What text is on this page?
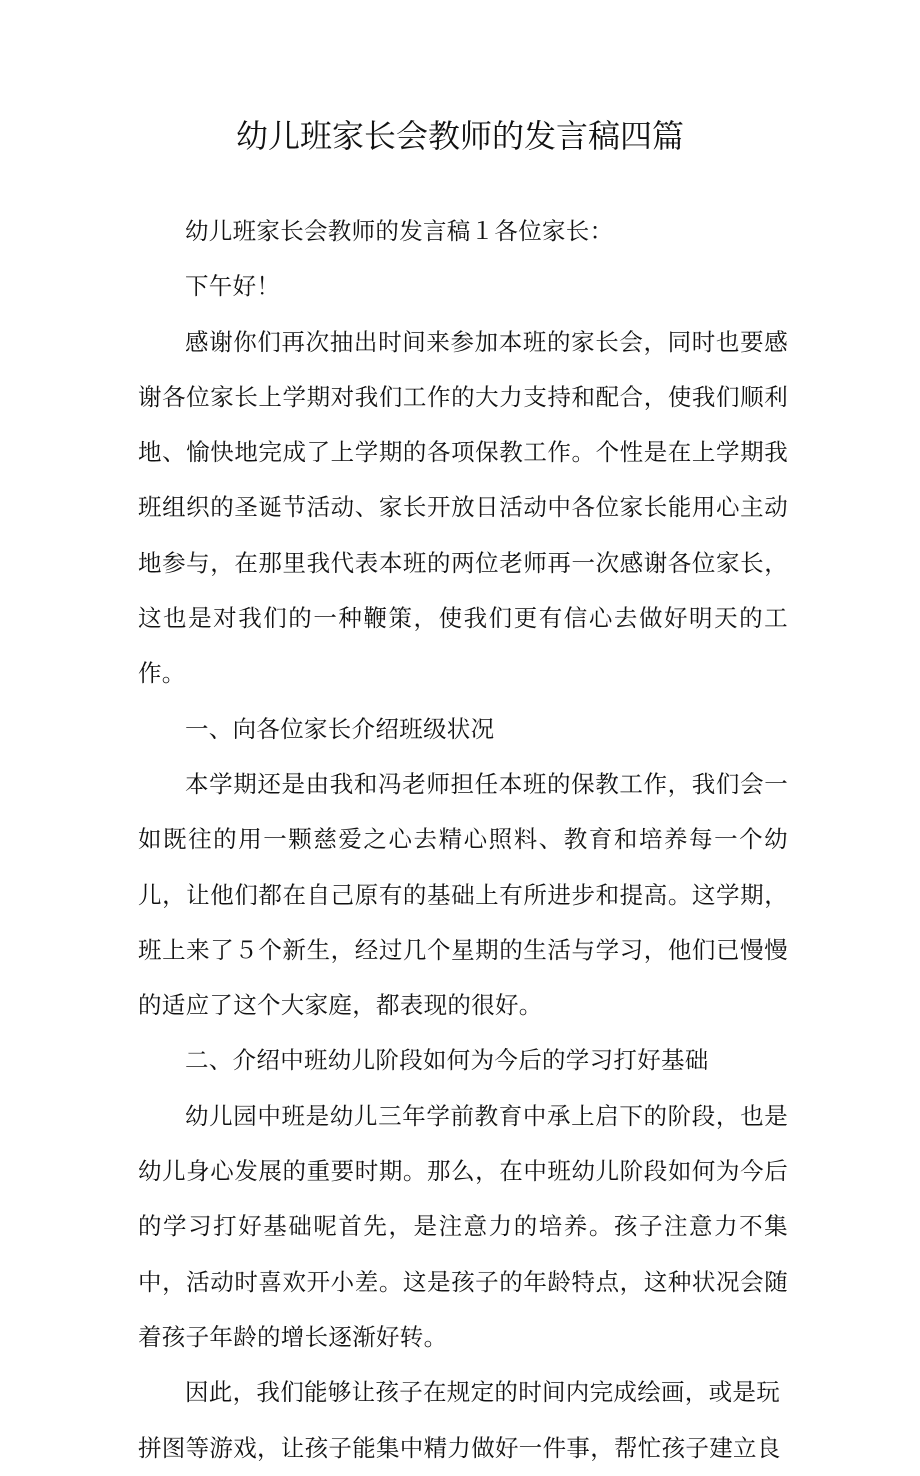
幼儿班家长会教师的发言稿四篇

幼儿班家长会教师的发言稿１各位家长：

下午好！

感谢你们再次抽出时间来参加本班的家长会，同时也要感谢各位家长上学期对我们工作的大力支持和配合，使我们顺利地、愉快地完成了上学期的各项保教工作。个性是在上学期我班组织的圣诞节活动、家长开放日活动中各位家长能用心主动地参与，在那里我代表本班的两位老师再一次感谢各位家长，这也是对我们的一种鞭策，使我们更有信心去做好明天的工作。

一、向各位家长介绍班级状况

本学期还是由我和冯老师担任本班的保教工作，我们会一如既往的用一颗慈爱之心去精心照料、教育和培养每一个幼儿，让他们都在自己原有的基础上有所进步和提高。这学期，班上来了５个新生，经过几个星期的生活与学习，他们已慢慢的适应了这个大家庭，都表现的很好。

二、介绍中班幼儿阶段如何为今后的学习打好基础

幼儿园中班是幼儿三年学前教育中承上启下的阶段，也是幼儿身心发展的重要时期。那么，在中班幼儿阶段如何为今后的学习打好基础呢首先，是注意力的培养。孩子注意力不集中，活动时喜欢开小差。这是孩子的年龄特点，这种状况会随着孩子年龄的增长逐渐好转。

因此，我们能够让孩子在规定的时间内完成绘画，或是玩拼图等游戏，让孩子能集中精力做好一件事，帮忙孩子建立良
